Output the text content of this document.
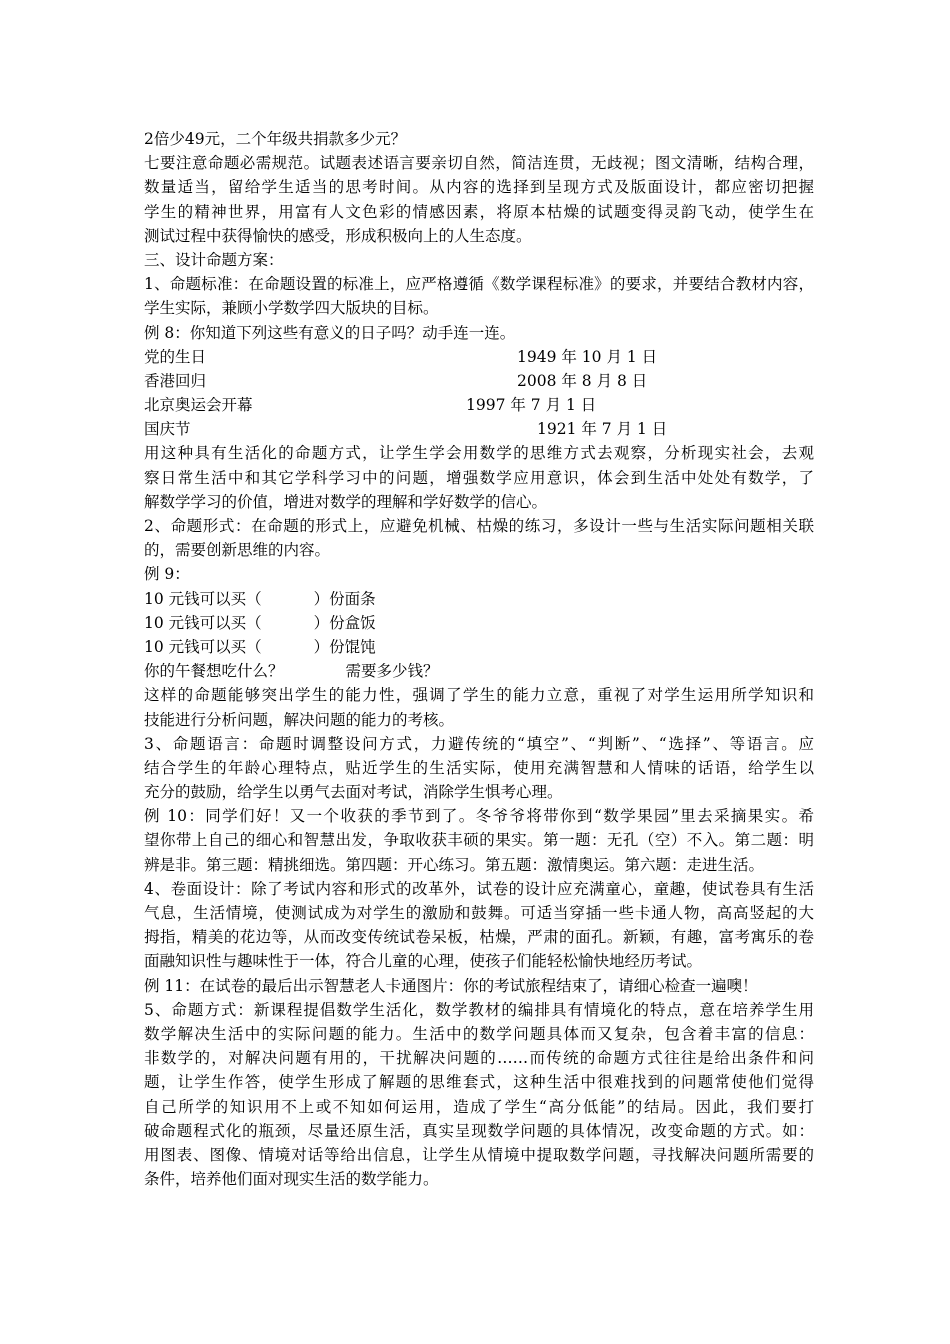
2倍少49元，二个年级共捐款多少元？
七要注意命题必需规范。试题表述语言要亲切自然，简洁连贯，无歧视；图文清晰，结构合理，
数量适当，留给学生适当的思考时间。从内容的选择到呈现方式及版面设计，都应密切把握
学生的精神世界，用富有人文色彩的情感因素，将原本枯燥的试题变得灵韵飞动，使学生在
测试过程中获得愉快的感受，形成积极向上的人生态度。
三、设计命题方案：
1、命题标准：在命题设置的标准上，应严格遵循《数学课程标准》的要求，并要结合教材内容，
学生实际，兼顾小学数学四大版块的目标。
例 8：你知道下列这些有意义的日子吗？动手连一连。
党的生日	1949 年 10 月 1 日
香港回归	2008 年 8 月 8 日
北京奥运会开幕	1997 年 7 月 1 日
国庆节	1921 年 7 月 1 日
用这种具有生活化的命题方式，让学生学会用数学的思维方式去观察，分析现实社会，去观
察日常生活中和其它学科学习中的问题，增强数学应用意识，体会到生活中处处有数学，了
解数学学习的价值，增进对数学的理解和学好数学的信心。
2、命题形式：在命题的形式上，应避免机械、枯燥的练习，多设计一些与生活实际问题相关联
的，需要创新思维的内容。
例 9：
10 元钱可以买（	）份面条
10 元钱可以买（	）份盒饭
10 元钱可以买（	）份馄饨
你的午餐想吃什么？	需要多少钱？
这样的命题能够突出学生的能力性，强调了学生的能力立意，重视了对学生运用所学知识和
技能进行分析问题，解决问题的能力的考核。
3、命题语言：命题时调整设问方式，力避传统的“填空”、“判断”、“选择”、等语言。应
结合学生的年龄心理特点，贴近学生的生活实际，使用充满智慧和人情味的话语，给学生以
充分的鼓励，给学生以勇气去面对考试，消除学生惧考心理。
例 10：同学们好！又一个收获的季节到了。冬爷爷将带你到“数学果园”里去采摘果实。希
望你带上自己的细心和智慧出发，争取收获丰硕的果实。第一题：无孔（空）不入。第二题：明
辨是非。第三题：精挑细选。第四题：开心练习。第五题：激情奥运。第六题：走进生活。
4、卷面设计：除了考试内容和形式的改革外，试卷的设计应充满童心，童趣，使试卷具有生活
气息，生活情境，使测试成为对学生的激励和鼓舞。可适当穿插一些卡通人物，高高竖起的大
拇指，精美的花边等，从而改变传统试卷呆板，枯燥，严肃的面孔。新颖，有趣，富考寓乐的卷
面融知识性与趣味性于一体，符合儿童的心理，使孩子们能轻松愉快地经历考试。
例 11：在试卷的最后出示智慧老人卡通图片：你的考试旅程结束了，请细心检查一遍噢！
5、命题方式：新课程提倡数学生活化，数学教材的编排具有情境化的特点，意在培养学生用
数学解决生活中的实际问题的能力。生活中的数学问题具体而又复杂，包含着丰富的信息：
非数学的，对解决问题有用的，干扰解决问题的……而传统的命题方式往往是给出条件和问
题，让学生作答，使学生形成了解题的思维套式，这种生活中很难找到的问题常使他们觉得
自己所学的知识用不上或不知如何运用，造成了学生“高分低能”的结局。因此，我们要打
破命题程式化的瓶颈，尽量还原生活，真实呈现数学问题的具体情况，改变命题的方式。如：
用图表、图像、情境对话等给出信息，让学生从情境中提取数学问题，寻找解决问题所需要的
条件，培养他们面对现实生活的数学能力。
